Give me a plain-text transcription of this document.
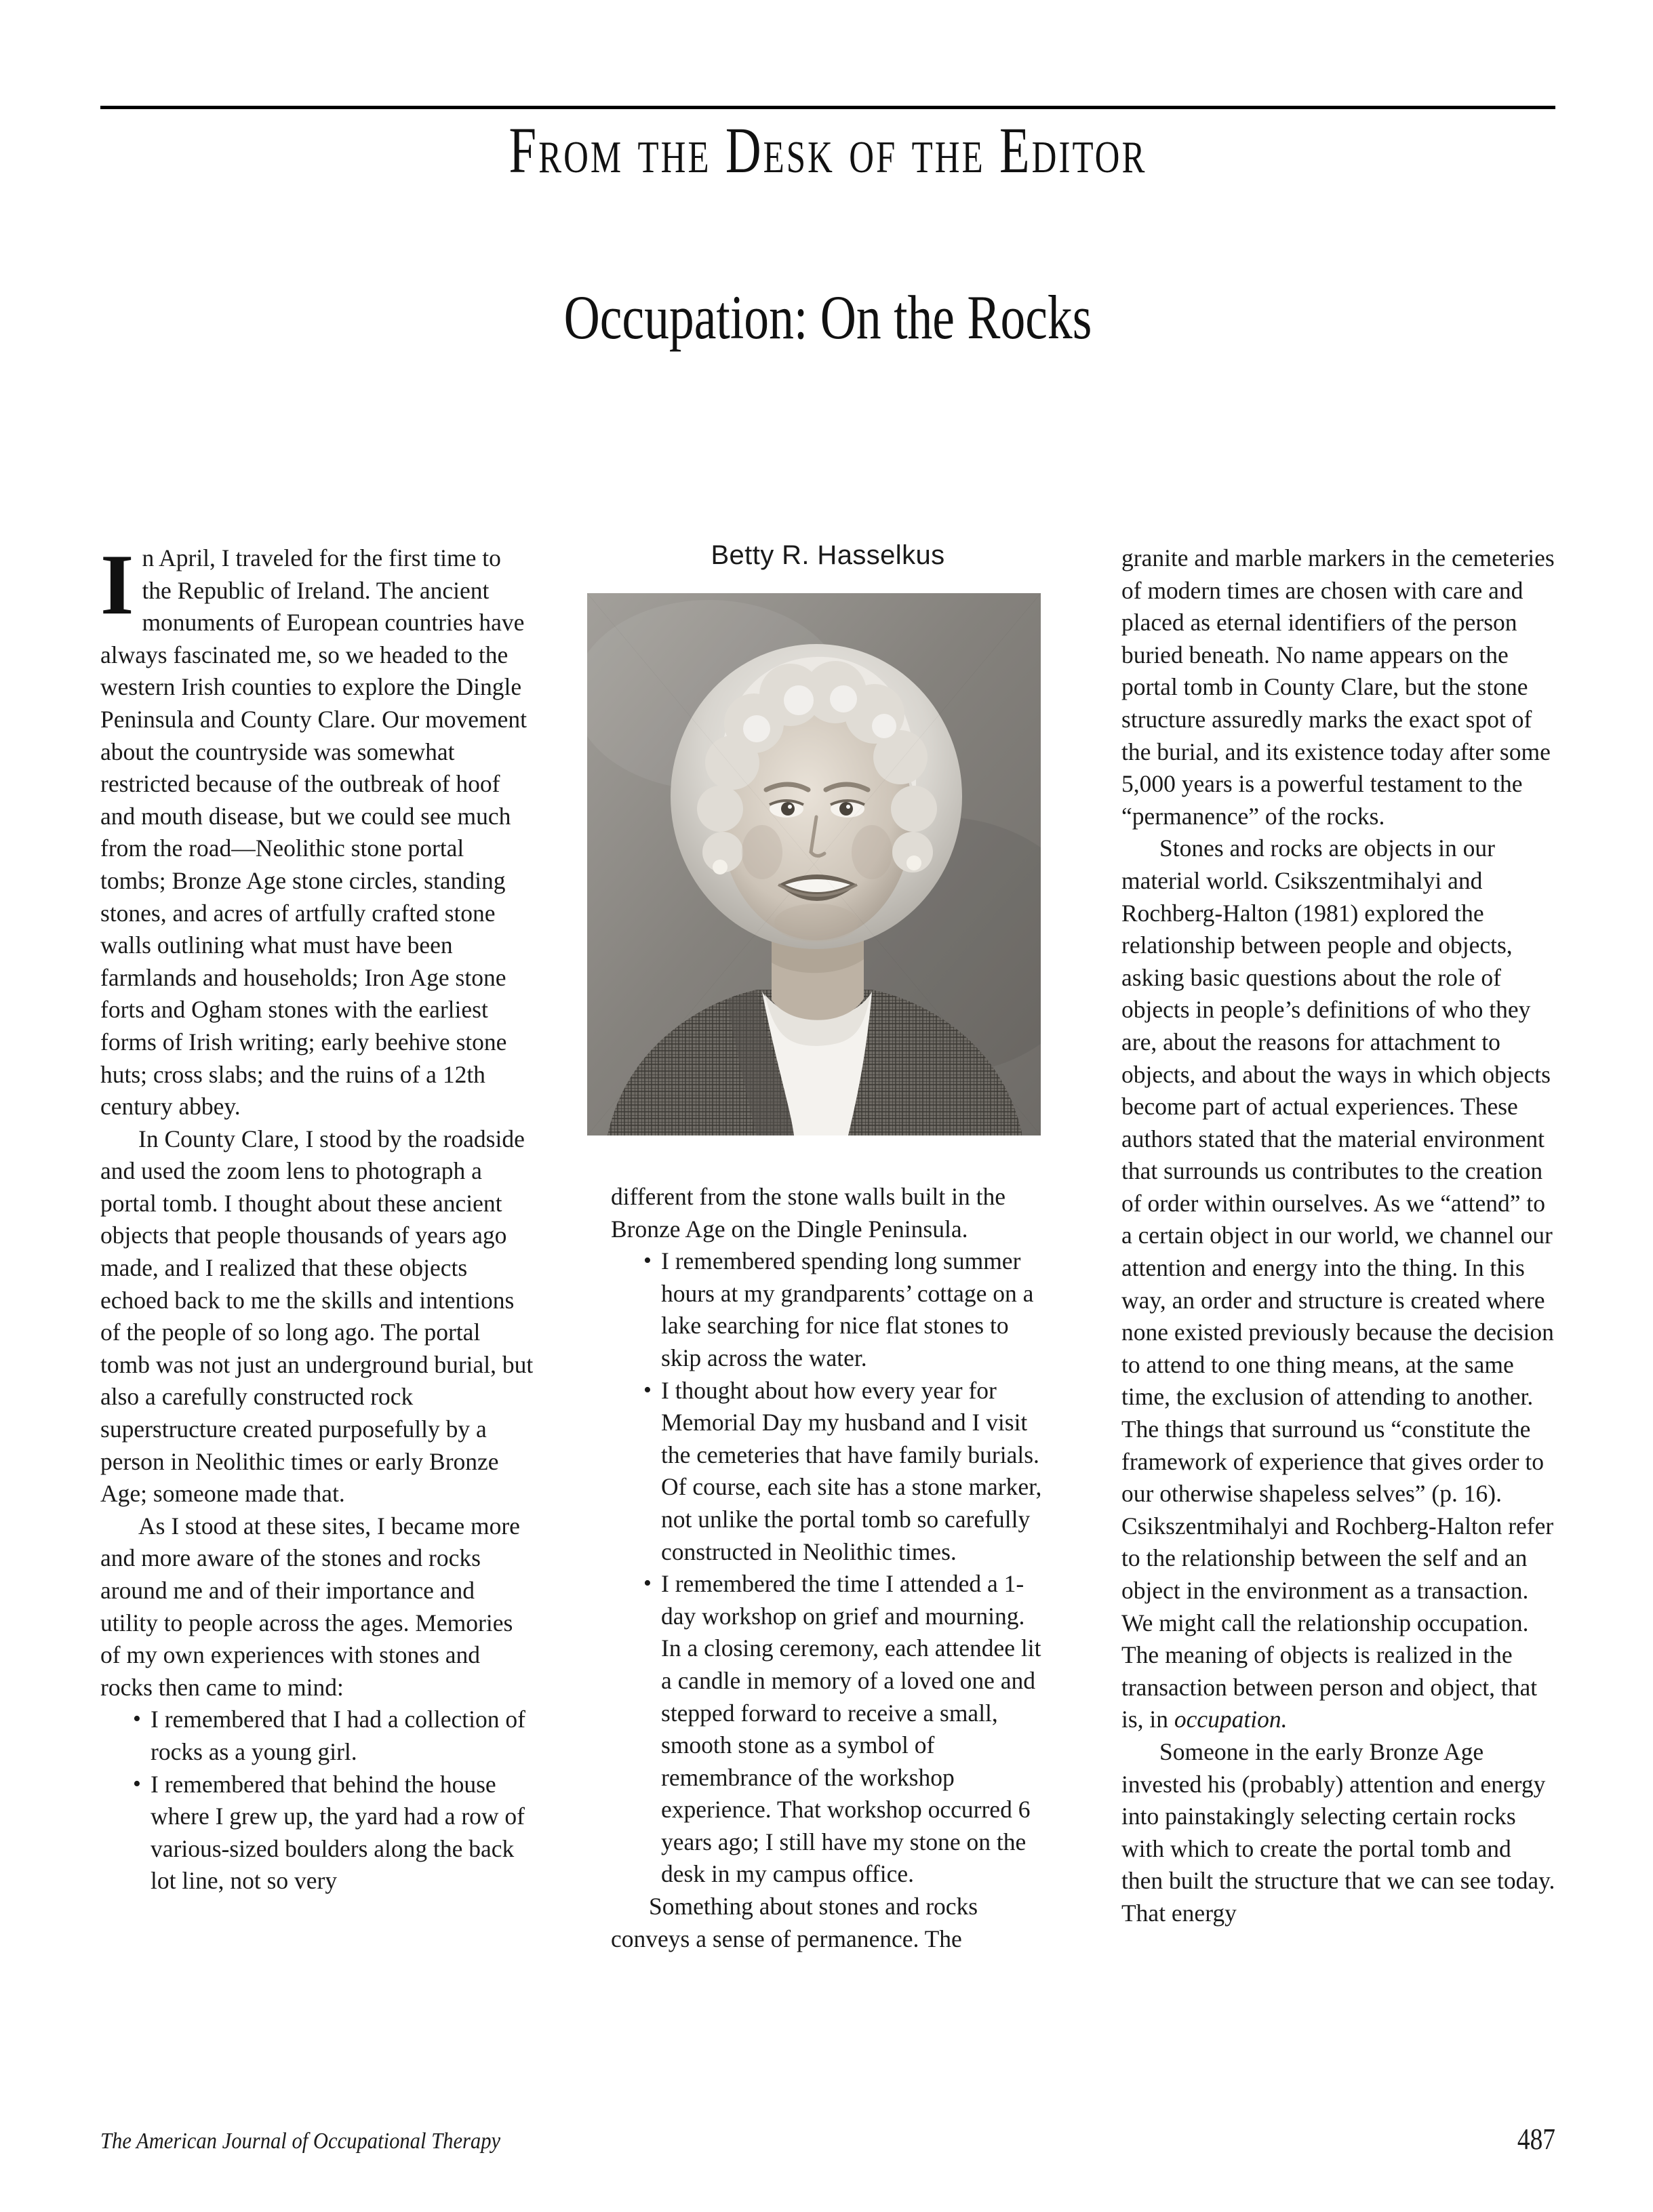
From the Desk of the Editor
Occupation: On the Rocks
Betty R. Hasselkus

In April, I traveled for the first time to the Republic of Ireland. The ancient monuments of European countries have always fascinated me, so we headed to the western Irish counties to explore the Dingle Peninsula and County Clare. Our movement about the countryside was somewhat restricted because of the outbreak of hoof and mouth disease, but we could see much from the road—Neolithic stone portal tombs; Bronze Age stone circles, standing stones, and acres of artfully crafted stone walls outlining what must have been farmlands and households; Iron Age stone forts and Ogham stones with the earliest forms of Irish writing; early beehive stone huts; cross slabs; and the ruins of a 12th century abbey.

In County Clare, I stood by the roadside and used the zoom lens to photograph a portal tomb. I thought about these ancient objects that people thousands of years ago made, and I realized that these objects echoed back to me the skills and intentions of the people of so long ago. The portal tomb was not just an underground burial, but also a carefully constructed rock superstructure created purposefully by a person in Neolithic times or early Bronze Age; someone made that.

As I stood at these sites, I became more and more aware of the stones and rocks around me and of their importance and utility to people across the ages. Memories of my own experiences with stones and rocks then came to mind:

• I remembered that I had a collection of rocks as a young girl.
• I remembered that behind the house where I grew up, the yard had a row of various-sized boulders along the back lot line, not so very

granite and marble markers in the cemeteries of modern times are chosen with care and placed as eternal identifiers of the person buried beneath. No name appears on the portal tomb in County Clare, but the stone structure assuredly marks the exact spot of the burial, and its existence today after some 5,000 years is a powerful testament to the “permanence” of the rocks.

Stones and rocks are objects in our material world. Csikszentmihalyi and Rochberg-Halton (1981) explored the relationship between people and objects, asking basic questions about the role of objects in people’s definitions of who they are, about the reasons for attachment to objects, and about the ways in which objects become part of actual experiences. These authors stated that the material environment that surrounds us contributes to the creation of order within ourselves. As we “attend” to a certain object in our world, we channel our attention and energy into the thing. In this way, an order and structure is created where none existed previously because the decision to attend to one thing means, at the same time, the exclusion of attending to another. The things that surround us “constitute the framework of experience that gives order to our otherwise shapeless selves” (p. 16). Csikszentmihalyi and Rochberg-Halton refer to the relationship between the self and an object in the environment as a transaction. We might call the relationship occupation. The meaning of objects is realized in the transaction between person and object, that is, in occupation.

Someone in the early Bronze Age invested his (probably) attention and energy into painstakingly selecting certain rocks with which to create the portal tomb and then built the structure that we can see today. That energy

different from the stone walls built in the Bronze Age on the Dingle Peninsula.

• I remembered spending long summer hours at my grandparents’ cottage on a lake searching for nice flat stones to skip across the water.
• I thought about how every year for Memorial Day my husband and I visit the cemeteries that have family burials. Of course, each site has a stone marker, not unlike the portal tomb so carefully constructed in Neolithic times.
• I remembered the time I attended a 1-day workshop on grief and mourning. In a closing ceremony, each attendee lit a candle in memory of a loved one and stepped forward to receive a small, smooth stone as a symbol of remembrance of the workshop experience. That workshop occurred 6 years ago; I still have my stone on the desk in my campus office.

Something about stones and rocks conveys a sense of permanence. The

The American Journal of Occupational Therapy	487
